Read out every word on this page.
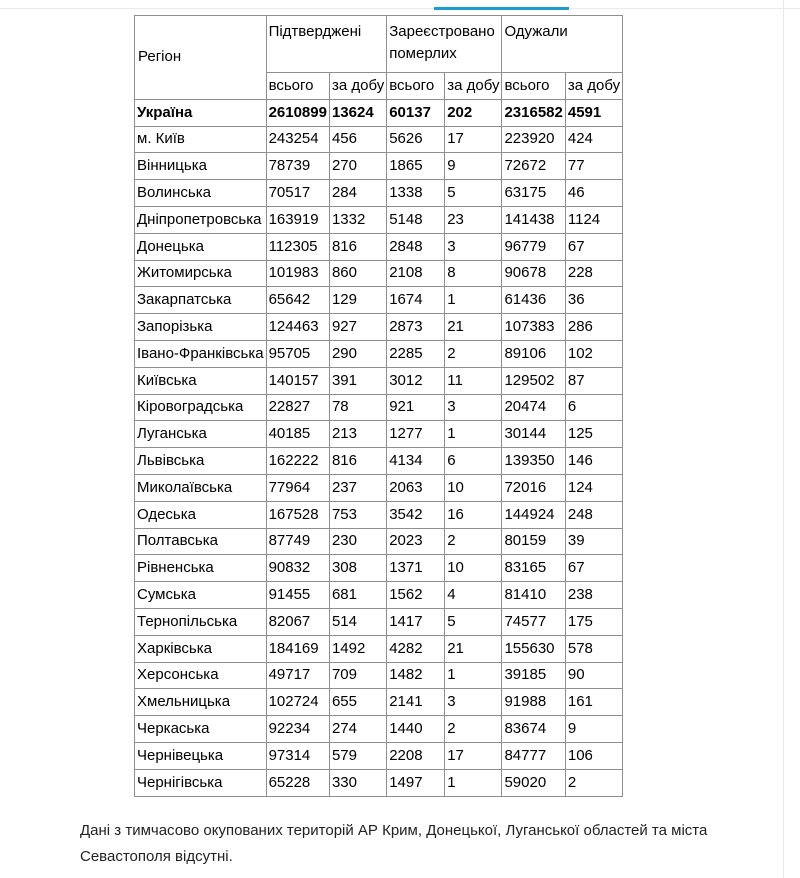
Регіон	Підтверджені		Зареєстровано померлих		Одужали	
	всього	за добу	всього	за добу	всього	за добу
Україна	2610899	13624	60137	202	2316582	4591
м. Київ	243254	456	5626	17	223920	424
Вінницька	78739	270	1865	9	72672	77
Волинська	70517	284	1338	5	63175	46
Дніпропетровська	163919	1332	5148	23	141438	1124
Донецька	112305	816	2848	3	96779	67
Житомирська	101983	860	2108	8	90678	228
Закарпатська	65642	129	1674	1	61436	36
Запорізька	124463	927	2873	21	107383	286
Івано-Франківська	95705	290	2285	2	89106	102
Київська	140157	391	3012	11	129502	87
Кіровоградська	22827	78	921	3	20474	6
Луганська	40185	213	1277	1	30144	125
Львівська	162222	816	4134	6	139350	146
Миколаївська	77964	237	2063	10	72016	124
Одеська	167528	753	3542	16	144924	248
Полтавська	87749	230	2023	2	80159	39
Рівненська	90832	308	1371	10	83165	67
Сумська	91455	681	1562	4	81410	238
Тернопільська	82067	514	1417	5	74577	175
Харківська	184169	1492	4282	21	155630	578
Херсонська	49717	709	1482	1	39185	90
Хмельницька	102724	655	2141	3	91988	161
Черкаська	92234	274	1440	2	83674	9
Чернівецька	97314	579	2208	17	84777	106
Чернігівська	65228	330	1497	1	59020	2
Дані з тимчасово окупованих територій АР Крим, Донецької, Луганської областей та міста Севастополя відсутні.
